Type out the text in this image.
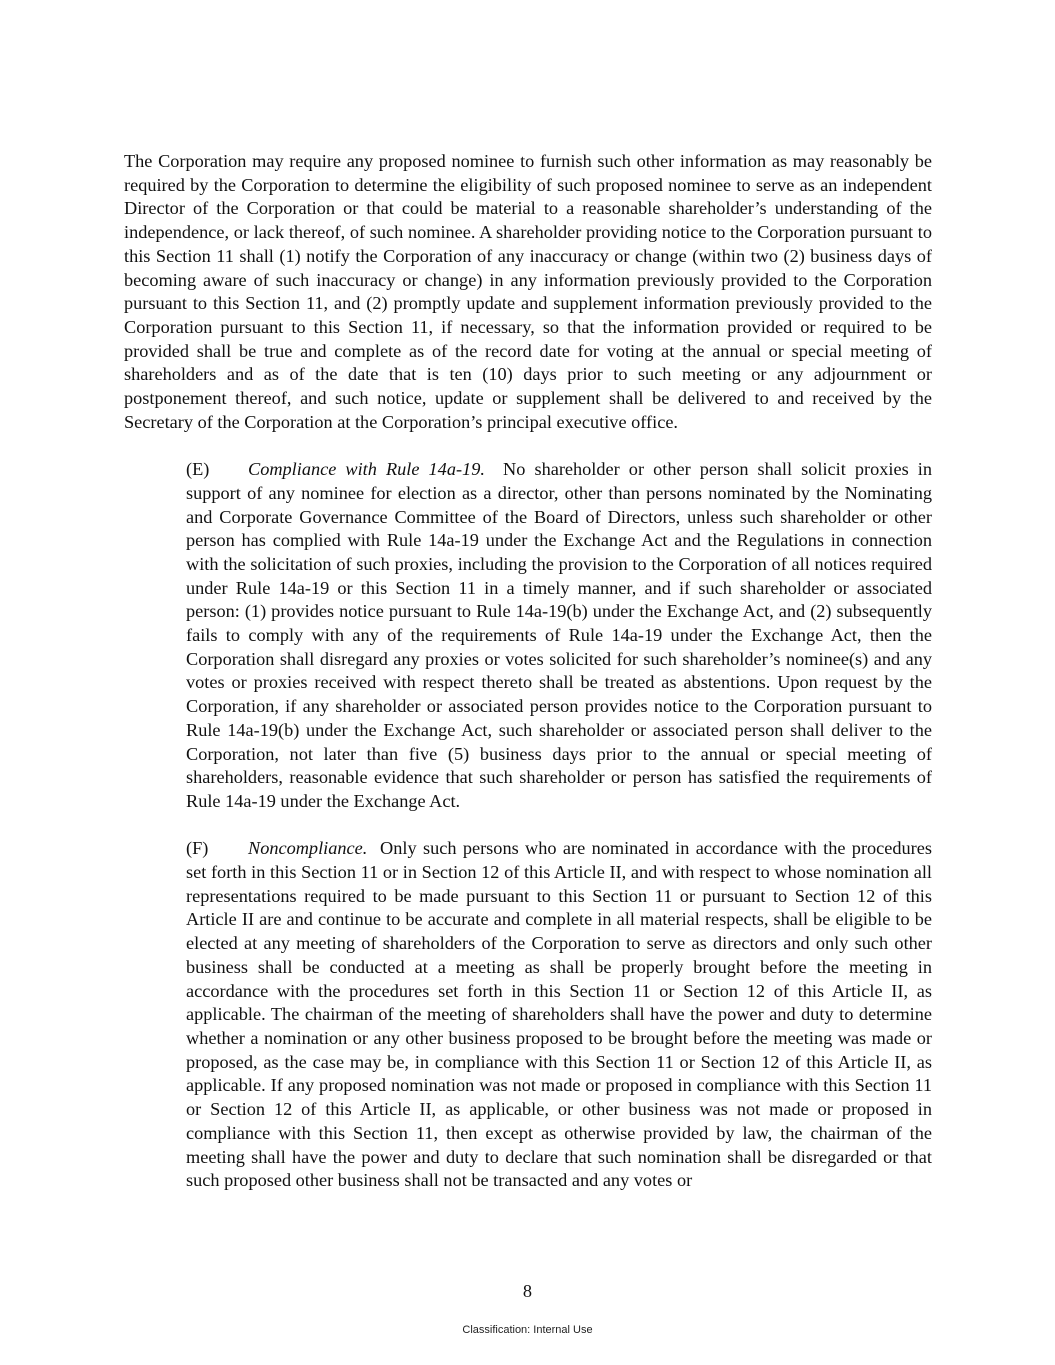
The Corporation may require any proposed nominee to furnish such other information as may reasonably be required by the Corporation to determine the eligibility of such proposed nominee to serve as an independent Director of the Corporation or that could be material to a reasonable shareholder’s understanding of the independence, or lack thereof, of such nominee. A shareholder providing notice to the Corporation pursuant to this Section 11 shall (1) notify the Corporation of any inaccuracy or change (within two (2) business days of becoming aware of such inaccuracy or change) in any information previously provided to the Corporation pursuant to this Section 11, and (2) promptly update and supplement information previously provided to the Corporation pursuant to this Section 11, if necessary, so that the information provided or required to be provided shall be true and complete as of the record date for voting at the annual or special meeting of shareholders and as of the date that is ten (10) days prior to such meeting or any adjournment or postponement thereof, and such notice, update or supplement shall be delivered to and received by the Secretary of the Corporation at the Corporation’s principal executive office.

(E) Compliance with Rule 14a-19. No shareholder or other person shall solicit proxies in support of any nominee for election as a director, other than persons nominated by the Nominating and Corporate Governance Committee of the Board of Directors, unless such shareholder or other person has complied with Rule 14a-19 under the Exchange Act and the Regulations in connection with the solicitation of such proxies, including the provision to the Corporation of all notices required under Rule 14a-19 or this Section 11 in a timely manner, and if such shareholder or associated person: (1) provides notice pursuant to Rule 14a-19(b) under the Exchange Act, and (2) subsequently fails to comply with any of the requirements of Rule 14a-19 under the Exchange Act, then the Corporation shall disregard any proxies or votes solicited for such shareholder’s nominee(s) and any votes or proxies received with respect thereto shall be treated as abstentions. Upon request by the Corporation, if any shareholder or associated person provides notice to the Corporation pursuant to Rule 14a-19(b) under the Exchange Act, such shareholder or associated person shall deliver to the Corporation, not later than five (5) business days prior to the annual or special meeting of shareholders, reasonable evidence that such shareholder or person has satisfied the requirements of Rule 14a-19 under the Exchange Act.

(F) Noncompliance. Only such persons who are nominated in accordance with the procedures set forth in this Section 11 or in Section 12 of this Article II, and with respect to whose nomination all representations required to be made pursuant to this Section 11 or pursuant to Section 12 of this Article II are and continue to be accurate and complete in all material respects, shall be eligible to be elected at any meeting of shareholders of the Corporation to serve as directors and only such other business shall be conducted at a meeting as shall be properly brought before the meeting in accordance with the procedures set forth in this Section 11 or Section 12 of this Article II, as applicable. The chairman of the meeting of shareholders shall have the power and duty to determine whether a nomination or any other business proposed to be brought before the meeting was made or proposed, as the case may be, in compliance with this Section 11 or Section 12 of this Article II, as applicable. If any proposed nomination was not made or proposed in compliance with this Section 11 or Section 12 of this Article II, as applicable, or other business was not made or proposed in compliance with this Section 11, then except as otherwise provided by law, the chairman of the meeting shall have the power and duty to declare that such nomination shall be disregarded or that such proposed other business shall not be transacted and any votes or

8
Classification: Internal Use
